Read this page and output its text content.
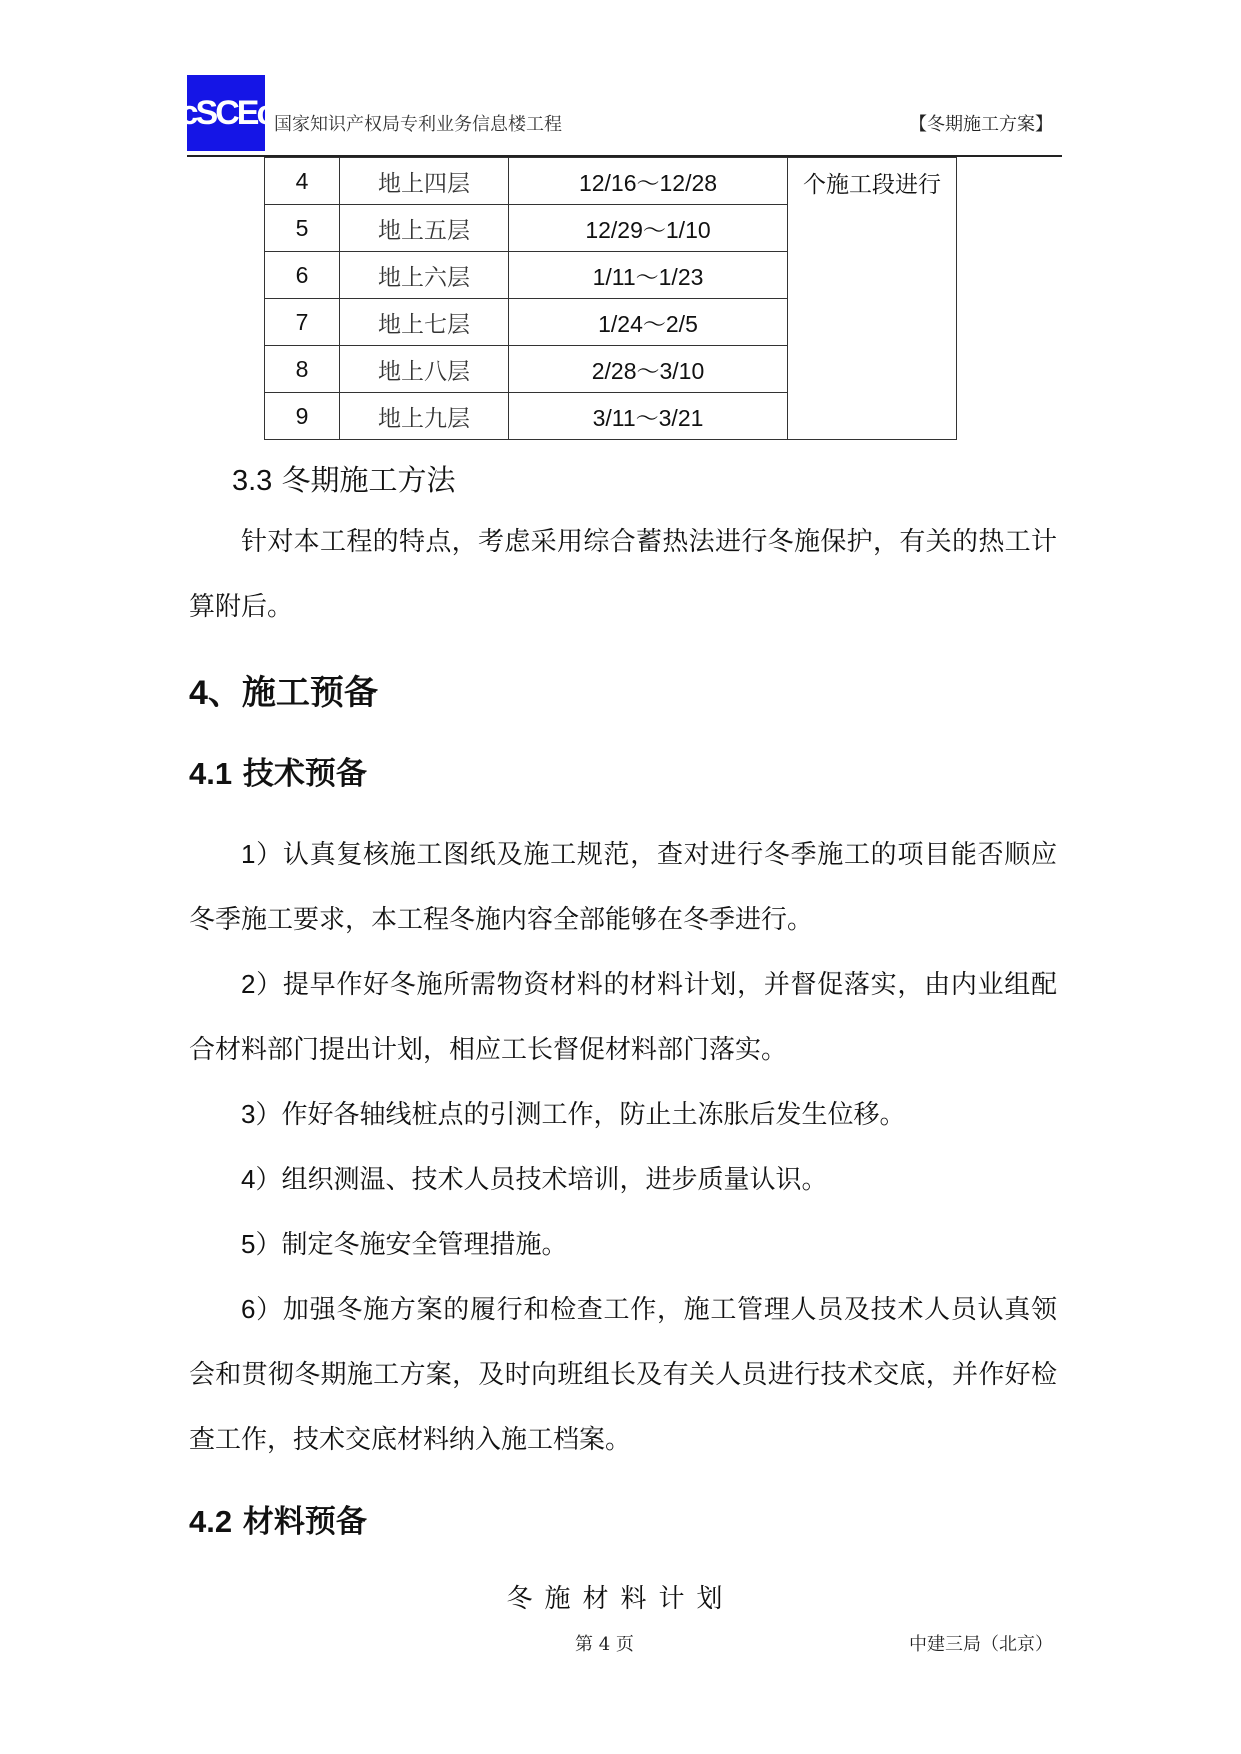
cSCEc 国家知识产权局专利业务信息楼工程	【冬期施工方案】
4	地上四层	12/16～12/28	个施工段进行
5	地上五层	12/29～1/10	
6	地上六层	1/11～1/23	
7	地上七层	1/24～2/5	
8	地上八层	2/28～3/10	
9	地上九层	3/11～3/21	
3.3 冬期施工方法

针对本工程的特点，考虑采用综合蓄热法进行冬施保护，有关的热工计算附后。

4、施工预备
4.1 技术预备

1）认真复核施工图纸及施工规范，查对进行冬季施工的项目能否顺应冬季施工要求，本工程冬施内容全部能够在冬季进行。

2）提早作好冬施所需物资材料的材料计划，并督促落实，由内业组配合材料部门提出计划，相应工长督促材料部门落实。

3）作好各轴线桩点的引测工作，防止土冻胀后发生位移。

4）组织测温、技术人员技术培训，进步质量认识。

5）制定冬施安全管理措施。

6）加强冬施方案的履行和检查工作，施工管理人员及技术人员认真领会和贯彻冬期施工方案，及时向班组长及有关人员进行技术交底，并作好检查工作，技术交底材料纳入施工档案。

4.2 材料预备
冬施材料计划
第 4 页	中建三局（北京）
